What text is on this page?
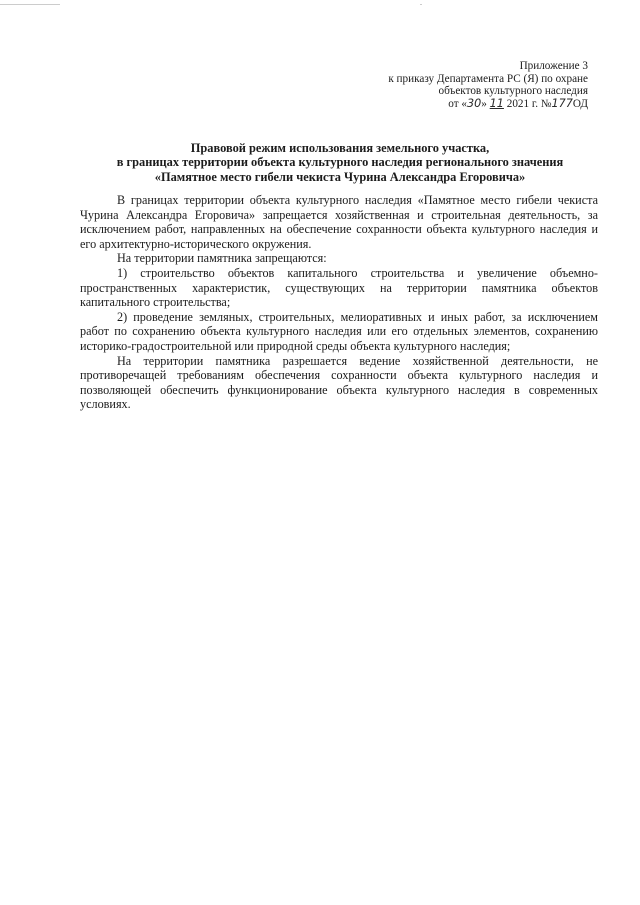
Приложение 3
к приказу Департамента РС (Я) по охране
объектов культурного наследия
от «30» 11 2021 г. №177ОД
Правовой режим использования земельного участка,
в границах территории объекта культурного наследия регионального значения
«Памятное место гибели чекиста Чурина Александра Егоровича»

В границах территории объекта культурного наследия «Памятное место гибели чекиста Чурина Александра Егоровича» запрещается хозяйственная и строительная деятельность, за исключением работ, направленных на обеспечение сохранности объекта культурного наследия и его архитектурно-исторического окружения.

На территории памятника запрещаются:

1) строительство объектов капитального строительства и увеличение объемно-пространственных характеристик, существующих на территории памятника объектов капитального строительства;

2) проведение земляных, строительных, мелиоративных и иных работ, за исключением работ по сохранению объекта культурного наследия или его отдельных элементов, сохранению историко-градостроительной или природной среды объекта культурного наследия;

На территории памятника разрешается ведение хозяйственной деятельности, не противоречащей требованиям обеспечения сохранности объекта культурного наследия и позволяющей обеспечить функционирование объекта культурного наследия в современных условиях.
